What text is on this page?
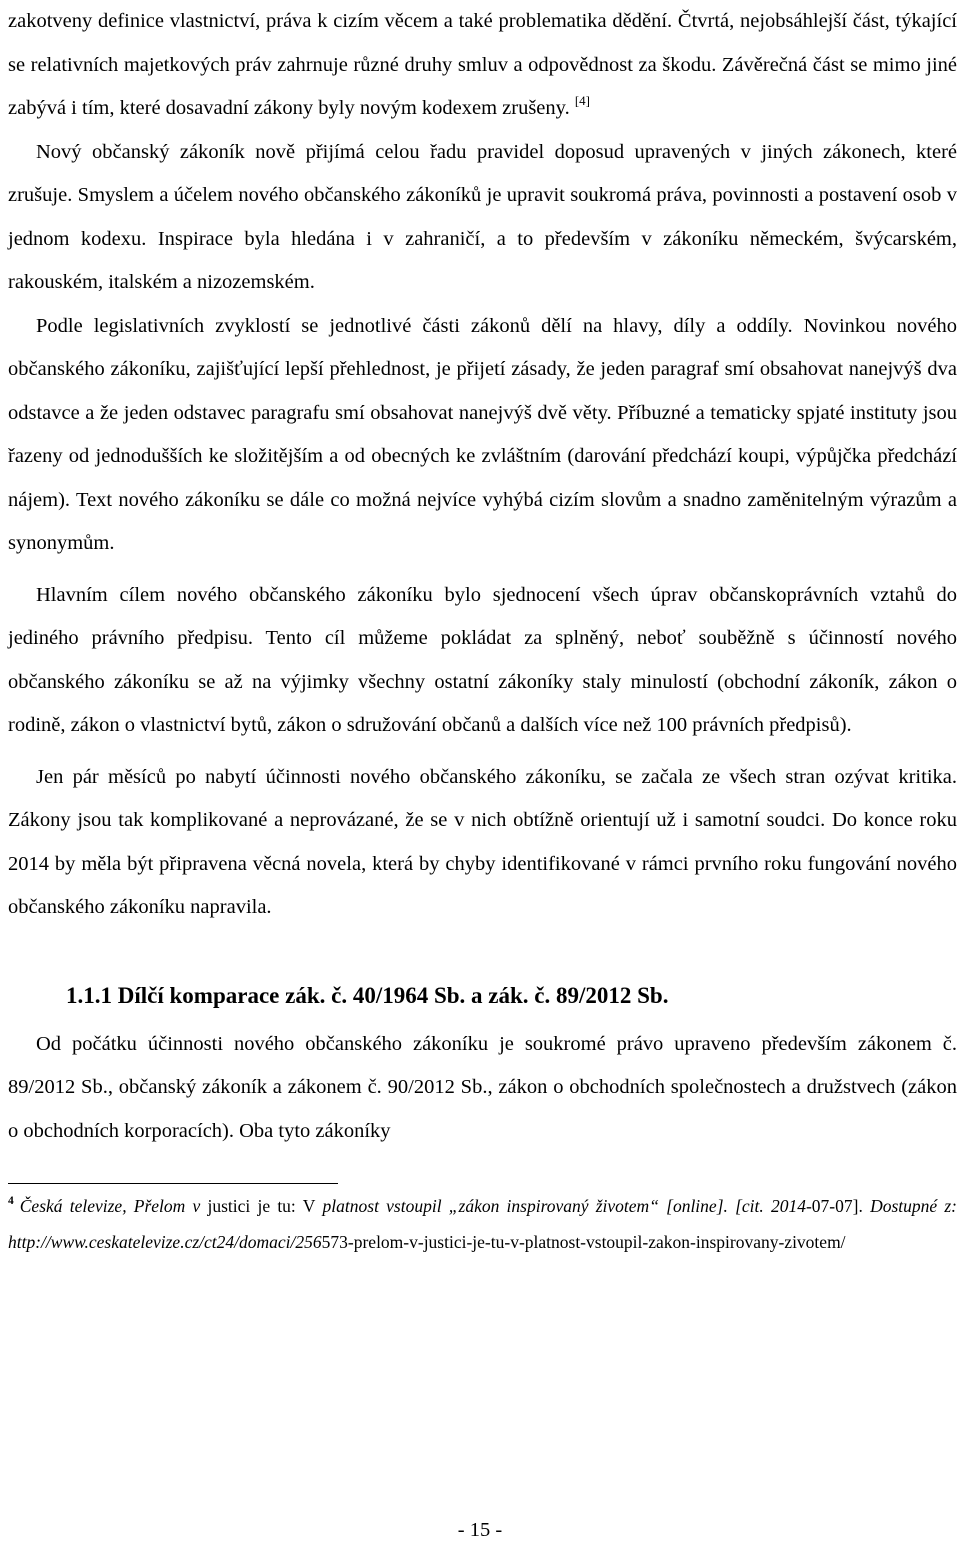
zakotveny definice vlastnictví, práva k cizím věcem a také problematika dědění. Čtvrtá, nejobsáhlejší část, týkající se relativních majetkových práv zahrnuje různé druhy smluv a odpovědnost za škodu. Závěrečná část se mimo jiné zabývá i tím, které dosavadní zákony byly novým kodexem zrušeny. [4]

Nový občanský zákoník nově přijímá celou řadu pravidel doposud upravených v jiných zákonech, které zrušuje. Smyslem a účelem nového občanského zákoníků je upravit soukromá práva, povinnosti a postavení osob v jednom kodexu. Inspirace byla hledána i v zahraničí, a to především v zákoníku německém, švýcarském, rakouském, italském a nizozemském.

Podle legislativních zvyklostí se jednotlivé části zákonů dělí na hlavy, díly a oddíly. Novinkou nového občanského zákoníku, zajišťující lepší přehlednost, je přijetí zásady, že jeden paragraf smí obsahovat nanejvýš dva odstavce a že jeden odstavec paragrafu smí obsahovat nanejvýš dvě věty. Příbuzné a tematicky spjaté instituty jsou řazeny od jednodušších ke složitějším a od obecných ke zvláštním (darování předchází koupi, výpůjčka předchází nájem). Text nového zákoníku se dále co možná nejvíce vyhýbá cizím slovům a snadno zaměnitelným výrazům a synonymům.

Hlavním cílem nového občanského zákoníku bylo sjednocení všech úprav občanskoprávních vztahů do jediného právního předpisu. Tento cíl můžeme pokládat za splněný, neboť souběžně s účinností nového občanského zákoníku se až na výjimky všechny ostatní zákoníky staly minulostí (obchodní zákoník, zákon o rodině, zákon o vlastnictví bytů, zákon o sdružování občanů a dalších více než 100 právních předpisů).

Jen pár měsíců po nabytí účinnosti nového občanského zákoníku, se začala ze všech stran ozývat kritika. Zákony jsou tak komplikované a neprovázané, že se v nich obtížně orientují už i samotní soudci. Do konce roku 2014 by měla být připravena věcná novela, která by chyby identifikované v rámci prvního roku fungování nového občanského zákoníku napravila.

1.1.1 Dílčí komparace zák. č. 40/1964 Sb. a zák. č. 89/2012 Sb.

Od počátku účinnosti nového občanského zákoníku je soukromé právo upraveno především zákonem č. 89/2012 Sb., občanský zákoník a zákonem č. 90/2012 Sb., zákon o obchodních společnostech a družstvech (zákon o obchodních korporacích). Oba tyto zákoníky

$^4$ Česká televize, Přelom v justici je tu: V platnost vstoupil „zákon inspirovaný životem“ [online]. [cit. 2014-07-07]. Dostupné z: http://www.ceskatelevize.cz/ct24/domaci/256573-prelom-v-justici-je-tu-v-platnost-vstoupil-zakon-inspirovany-zivotem/

- 15 -
